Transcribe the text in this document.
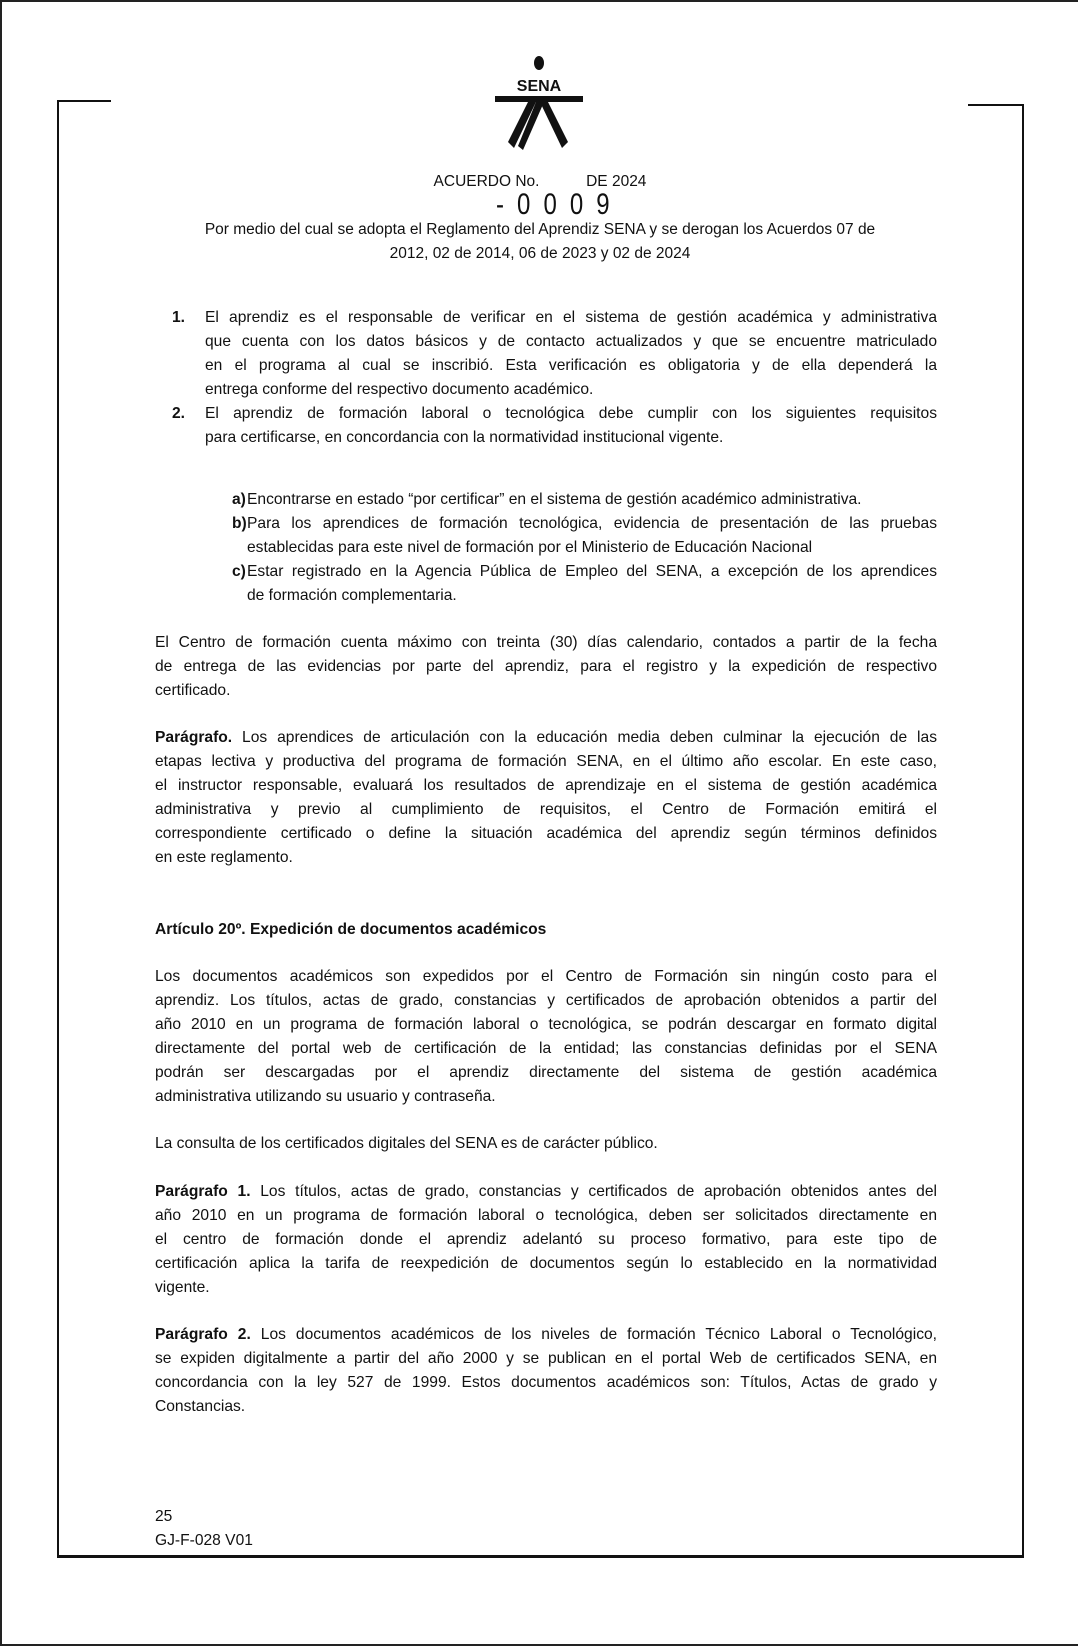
SENA
ACUERDO No.	DE 2024
- 0 0 0 9
Por medio del cual se adopta el Reglamento del Aprendiz SENA y se derogan los Acuerdos 07 de
2012, 02 de 2014, 06 de 2023 y 02 de 2024
1. El aprendiz es el responsable de verificar en el sistema de gestión académica y administrativa
que cuenta con los datos básicos y de contacto actualizados y que se encuentre matriculado
en el programa al cual se inscribió. Esta verificación es obligatoria y de ella dependerá la
entrega conforme del respectivo documento académico.
2. El aprendiz de formación laboral o tecnológica debe cumplir con los siguientes requisitos
para certificarse, en concordancia con la normatividad institucional vigente.
a) Encontrarse en estado “por certificar” en el sistema de gestión académico administrativa.
b) Para los aprendices de formación tecnológica, evidencia de presentación de las pruebas
establecidas para este nivel de formación por el Ministerio de Educación Nacional
c) Estar registrado en la Agencia Pública de Empleo del SENA, a excepción de los aprendices
de formación complementaria.
El Centro de formación cuenta máximo con treinta (30) días calendario, contados a partir de la fecha
de entrega de las evidencias por parte del aprendiz, para el registro y la expedición de respectivo
certificado.
Parágrafo. Los aprendices de articulación con la educación media deben culminar la ejecución de las
etapas lectiva y productiva del programa de formación SENA, en el último año escolar. En este caso,
el instructor responsable, evaluará los resultados de aprendizaje en el sistema de gestión académica
administrativa y previo al cumplimiento de requisitos, el Centro de Formación emitirá el
correspondiente certificado o define la situación académica del aprendiz según términos definidos
en este reglamento.
Artículo 20º. Expedición de documentos académicos
Los documentos académicos son expedidos por el Centro de Formación sin ningún costo para el
aprendiz. Los títulos, actas de grado, constancias y certificados de aprobación obtenidos a partir del
año 2010 en un programa de formación laboral o tecnológica, se podrán descargar en formato digital
directamente del portal web de certificación de la entidad; las constancias definidas por el SENA
podrán ser descargadas por el aprendiz directamente del sistema de gestión académica
administrativa utilizando su usuario y contraseña.
La consulta de los certificados digitales del SENA es de carácter público.
Parágrafo 1. Los títulos, actas de grado, constancias y certificados de aprobación obtenidos antes del
año 2010 en un programa de formación laboral o tecnológica, deben ser solicitados directamente en
el centro de formación donde el aprendiz adelantó su proceso formativo, para este tipo de
certificación aplica la tarifa de reexpedición de documentos según lo establecido en la normatividad
vigente.
Parágrafo 2. Los documentos académicos de los niveles de formación Técnico Laboral o Tecnológico,
se expiden digitalmente a partir del año 2000 y se publican en el portal Web de certificados SENA, en
concordancia con la ley 527 de 1999. Estos documentos académicos son: Títulos, Actas de grado y
Constancias.
25
GJ-F-028 V01
